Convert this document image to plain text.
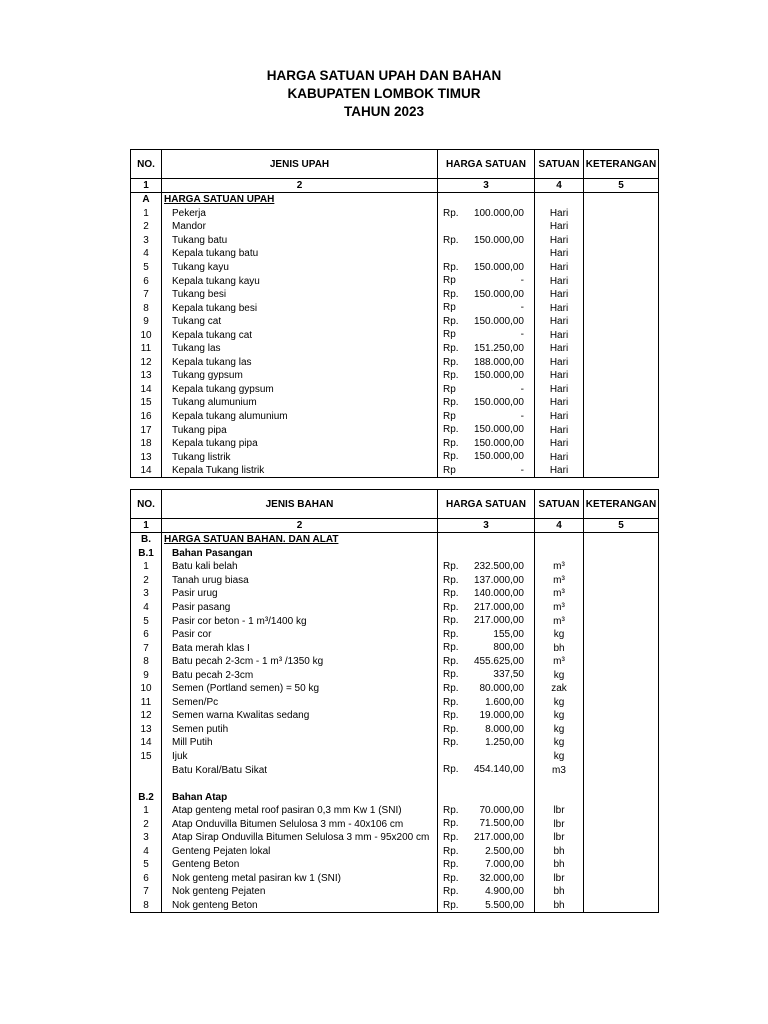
HARGA SATUAN UPAH DAN BAHAN
KABUPATEN LOMBOK TIMUR
TAHUN 2023
NO.	JENIS UPAH	HARGA SATUAN	SATUAN	KETERANGAN
1	2	3	4	5
A	HARGA SATUAN UPAH	

1	Pekerja	Rp. 100.000,00	Hari	
2	Mandor		Hari	
3	Tukang batu	Rp. 150.000,00	Hari	
4	Kepala tukang batu		Hari	
5	Tukang kayu	Rp. 150.000,00	Hari	
6	Kepala tukang kayu	Rp -	Hari	
7	Tukang besi	Rp. 150.000,00	Hari	
8	Kepala tukang besi	Rp -	Hari	
9	Tukang cat	Rp. 150.000,00	Hari	
10	Kepala tukang cat	Rp -	Hari	
11	Tukang las	Rp. 151.250,00	Hari	
12	Kepala tukang las	Rp. 188.000,00	Hari	
13	Tukang gypsum	Rp. 150.000,00	Hari	
14	Kepala tukang gypsum	Rp -	Hari	
15	Tukang alumunium	Rp. 150.000,00	Hari	
16	Kepala tukang alumunium	Rp -	Hari	
17	Tukang pipa	Rp. 150.000,00	Hari	
18	Kepala tukang pipa	Rp. 150.000,00	Hari	
13	Tukang listrik	Rp. 150.000,00	Hari	
14	Kepala Tukang listrik	Rp -	Hari	
NO.	JENIS BAHAN	HARGA SATUAN	SATUAN	KETERANGAN
1	2	3	4	5
B.	HARGA SATUAN BAHAN. DAN ALAT	

B.1	Bahan Pasangan	

1	Batu kali belah	Rp. 232.500,00	m³	
2	Tanah urug biasa	Rp. 137.000,00	m³	
3	Pasir urug	Rp. 140.000,00	m³	
4	Pasir pasang	Rp. 217.000,00	m³	
5	Pasir cor beton - 1 m³/1400 kg	Rp. 217.000,00	m³	
6	Pasir cor	Rp. 155,00	kg	
7	Bata merah klas I	Rp. 800,00	bh	
8	Batu pecah 2-3cm - 1 m³ /1350 kg	Rp. 455.625,00	m³	
9	Batu pecah 2-3cm	Rp. 337,50	kg	
10	Semen (Portland semen) = 50 kg	Rp. 80.000,00	zak	
11	Semen/Pc	Rp. 1.600,00	kg	
12	Semen warna Kwalitas sedang	Rp. 19.000,00	kg	
13	Semen putih	Rp. 8.000,00	kg	
14	Mill Putih	Rp. 1.250,00	kg	
15	Ijuk		kg	
	Batu Koral/Batu Sikat	Rp. 454.140,00	m3	

B.2	Bahan Atap	

1	Atap genteng metal roof pasiran 0,3 mm Kw 1 (SNI)	Rp. 70.000,00	lbr	
2	Atap Onduvilla Bitumen Selulosa 3 mm - 40x106 cm	Rp. 71.500,00	lbr	
3	Atap Sirap Onduvilla Bitumen Selulosa 3 mm - 95x200 cm	Rp. 217.000,00	lbr	
4	Genteng Pejaten lokal	Rp. 2.500,00	bh	
5	Genteng Beton	Rp. 7.000,00	bh	
6	Nok genteng metal pasiran kw 1 (SNI)	Rp. 32.000,00	lbr	
7	Nok genteng Pejaten	Rp. 4.900,00	bh	
8	Nok genteng Beton	Rp. 5.500,00	bh	
